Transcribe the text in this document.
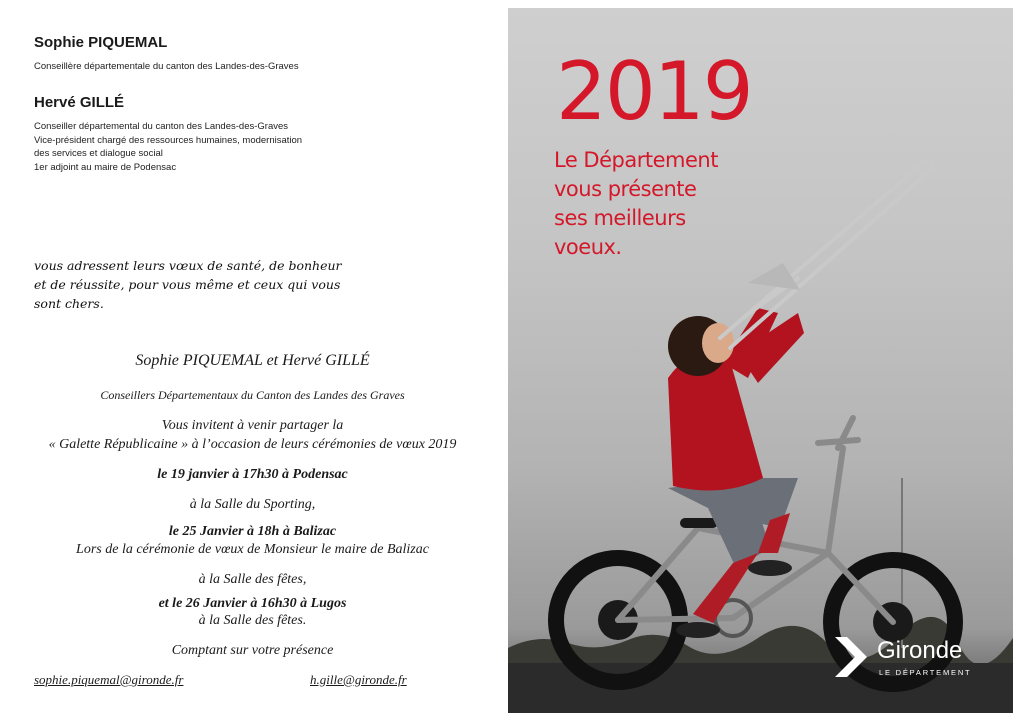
Sophie PIQUEMAL
Conseillère départementale du canton des Landes-des-Graves
Hervé GILLÉ
Conseiller départemental du canton des Landes-des-Graves
Vice-président chargé des ressources humaines, modernisation
des services et dialogue social
1er adjoint au maire de Podensac
vous adressent leurs vœux de santé, de bonheur
et de réussite, pour vous même et ceux qui vous
sont chers.
Sophie PIQUEMAL et Hervé GILLÉ
Conseillers Départementaux du Canton des Landes des Graves
Vous invitent à venir partager la
« Galette Républicaine » à l’occasion de leurs cérémonies de vœux 2019
le 19 janvier à 17h30 à Podensac
à la Salle du Sporting,
le 25 Janvier à 18h à Balizac
Lors de la cérémonie de vœux de Monsieur le maire de Balizac
à la Salle des fêtes,
et le 26 Janvier à 16h30 à Lugos
à la Salle des fêtes.
Comptant sur votre présence
sophie.piquemal@gironde.fr	h.gille@gironde.fr
2019
Le Département
vous présente
ses meilleurs
voeux.
Gironde
LE DÉPARTEMENT
